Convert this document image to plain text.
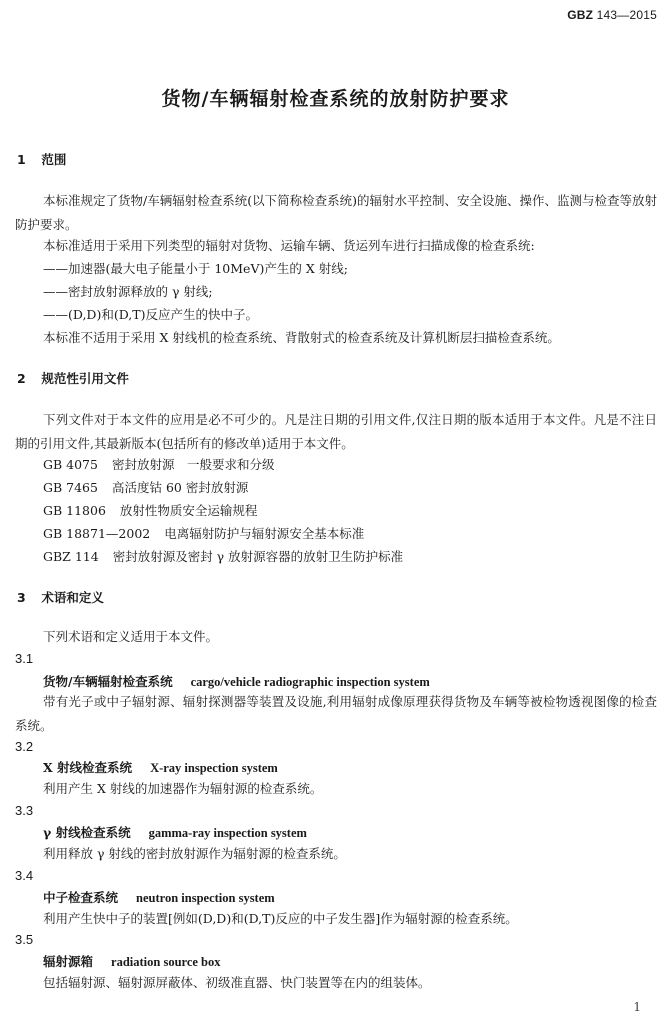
GBZ 143—2015
货物/车辆辐射检查系统的放射防护要求
1 范围
本标准规定了货物/车辆辐射检查系统(以下简称检查系统)的辐射水平控制、安全设施、操作、监测与检查等放射防护要求。
本标准适用于采用下列类型的辐射对货物、运输车辆、货运列车进行扫描成像的检查系统:
——加速器(最大电子能量小于 10MeV)产生的 X 射线;
——密封放射源释放的 γ 射线;
——(D,D)和(D,T)反应产生的快中子。
本标准不适用于采用 X 射线机的检查系统、背散射式的检查系统及计算机断层扫描检查系统。
2 规范性引用文件
下列文件对于本文件的应用是必不可少的。凡是注日期的引用文件,仅注日期的版本适用于本文件。凡是不注日期的引用文件,其最新版本(包括所有的修改单)适用于本文件。
GB 4075 密封放射源　一般要求和分级
GB 7465 高活度钴 60 密封放射源
GB 11806 放射性物质安全运输规程
GB 18871—2002 电离辐射防护与辐射源安全基本标准
GBZ 114 密封放射源及密封 γ 放射源容器的放射卫生防护标准
3 术语和定义
下列术语和定义适用于本文件。
3.1
货物/车辆辐射检查系统 cargo/vehicle radiographic inspection system
带有光子或中子辐射源、辐射探测器等装置及设施,利用辐射成像原理获得货物及车辆等被检物透视图像的检查系统。
3.2
X 射线检查系统 X-ray inspection system
利用产生 X 射线的加速器作为辐射源的检查系统。
3.3
γ 射线检查系统 gamma-ray inspection system
利用释放 γ 射线的密封放射源作为辐射源的检查系统。
3.4
中子检查系统 neutron inspection system
利用产生快中子的装置[例如(D,D)和(D,T)反应的中子发生器]作为辐射源的检查系统。
3.5
辐射源箱 radiation source box
包括辐射源、辐射源屏蔽体、初级准直器、快门装置等在内的组装体。
1
